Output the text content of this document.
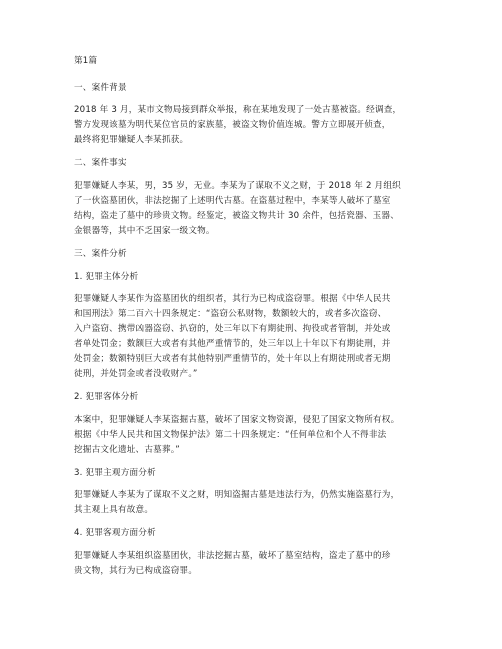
第1篇
一、案件背景
2018 年 3 月，某市文物局接到群众举报，称在某地发现了一处古墓被盗。经调查，
警方发现该墓为明代某位官员的家族墓，被盗文物价值连城。警方立即展开侦查，
最终将犯罪嫌疑人李某抓获。
二、案件事实
犯罪嫌疑人李某，男，35 岁，无业。李某为了谋取不义之财，于 2018 年 2 月组织
了一伙盗墓团伙，非法挖掘了上述明代古墓。在盗墓过程中，李某等人破坏了墓室
结构，盗走了墓中的珍贵文物。经鉴定，被盗文物共计 30 余件，包括瓷器、玉器、
金银器等，其中不乏国家一级文物。
三、案件分析
1. 犯罪主体分析
犯罪嫌疑人李某作为盗墓团伙的组织者，其行为已构成盗窃罪。根据《中华人民共
和国刑法》第二百六十四条规定：“盗窃公私财物，数额较大的，或者多次盗窃、
入户盗窃、携带凶器盗窃、扒窃的，处三年以下有期徒刑、拘役或者管制，并处或
者单处罚金；数额巨大或者有其他严重情节的，处三年以上十年以下有期徒刑，并
处罚金；数额特别巨大或者有其他特别严重情节的，处十年以上有期徒刑或者无期
徒刑，并处罚金或者没收财产。”
2. 犯罪客体分析
本案中，犯罪嫌疑人李某盗掘古墓，破坏了国家文物资源，侵犯了国家文物所有权。
根据《中华人民共和国文物保护法》第二十四条规定：“任何单位和个人不得非法
挖掘古文化遗址、古墓葬。”
3. 犯罪主观方面分析
犯罪嫌疑人李某为了谋取不义之财，明知盗掘古墓是违法行为，仍然实施盗墓行为，
其主观上具有故意。
4. 犯罪客观方面分析
犯罪嫌疑人李某组织盗墓团伙，非法挖掘古墓，破坏了墓室结构，盗走了墓中的珍
贵文物，其行为已构成盗窃罪。
